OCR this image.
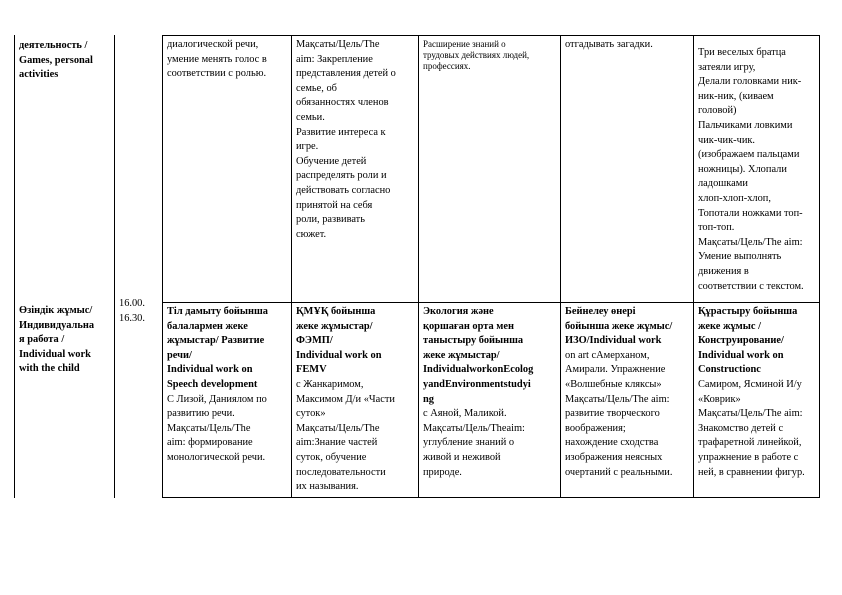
деятельность /
Games, personal
activities
диалогической речи,
умение менять голос в
соответствии с ролью.
Мақсаты/Цель/The
aim: Закрепление
представления детей о
семье, об
обязанностях членов
семьи.
Развитие интереса к
игре.
Обучение детей
распределять роли и
действовать согласно
принятой на себя
роли, развивать
сюжет.
Расширение знаний о
трудовых действиях людей,
профессиях.
отгадывать загадки.
Три веселых братца
затеяли игру,
Делали головками ник-
ник-ник, (киваем
головой)
Пальчиками ловкими
чик-чик-чик.
(изображаем пальцами
ножницы). Хлопали
ладошками
хлоп-хлоп-хлоп,
Топотали ножками топ-
топ-топ.
Мақсаты/Цель/The aim:
Умение выполнять
движения в
соответствии с текстом.
Өзіндік жұмыс/
Индивидуальна
я работа /
Individual work
with the child
16.00.
16.30.
Тіл дамыту бойынша
балалармен жеке
жұмыстар/ Развитие
речи/
Individual work on
Speech development
С Лизой, Даниялом по
развитию речи.
Мақсаты/Цель/The
aim: формирование
монологической речи.
ҚМҰҚ бойынша
жеке жұмыстар/
ФЭМП/
Individual work on
FEMV
с Жанкаримом,
Максимом Д/и «Части
суток»
Мақсаты/Цель/The
aim:Знание частей
суток, обучение
последовательности
их называния.
Экология және
қоршаған орта мен
таныстыру бойынша
жеке жұмыстар/
IndividualworkonEcolog
yandEnvironmentstudyi
ng
с Аяной, Маликой.
Мақсаты/Цель/Theaim:
углубление знаний о
живой и неживой
природе.
Бейнелеу өнері
бойынша жеке жұмыс/
ИЗО/Individual work
on art сАмерханом,
Амирали. Упражнение
«Волшебные кляксы»
Мақсаты/Цель/The aim:
развитие творческого
воображения;
нахождение сходства
изображения неясных
очертаний с реальными.
Құрастыру бойынша
жеке жұмыс /
Конструирование/
Individual work on
Constructionc
Самиром, Ясминой И/у
«Коврик»
Мақсаты/Цель/The aim:
Знакомство детей с
трафаретной линейкой,
упражнение в работе с
ней, в сравнении фигур.
